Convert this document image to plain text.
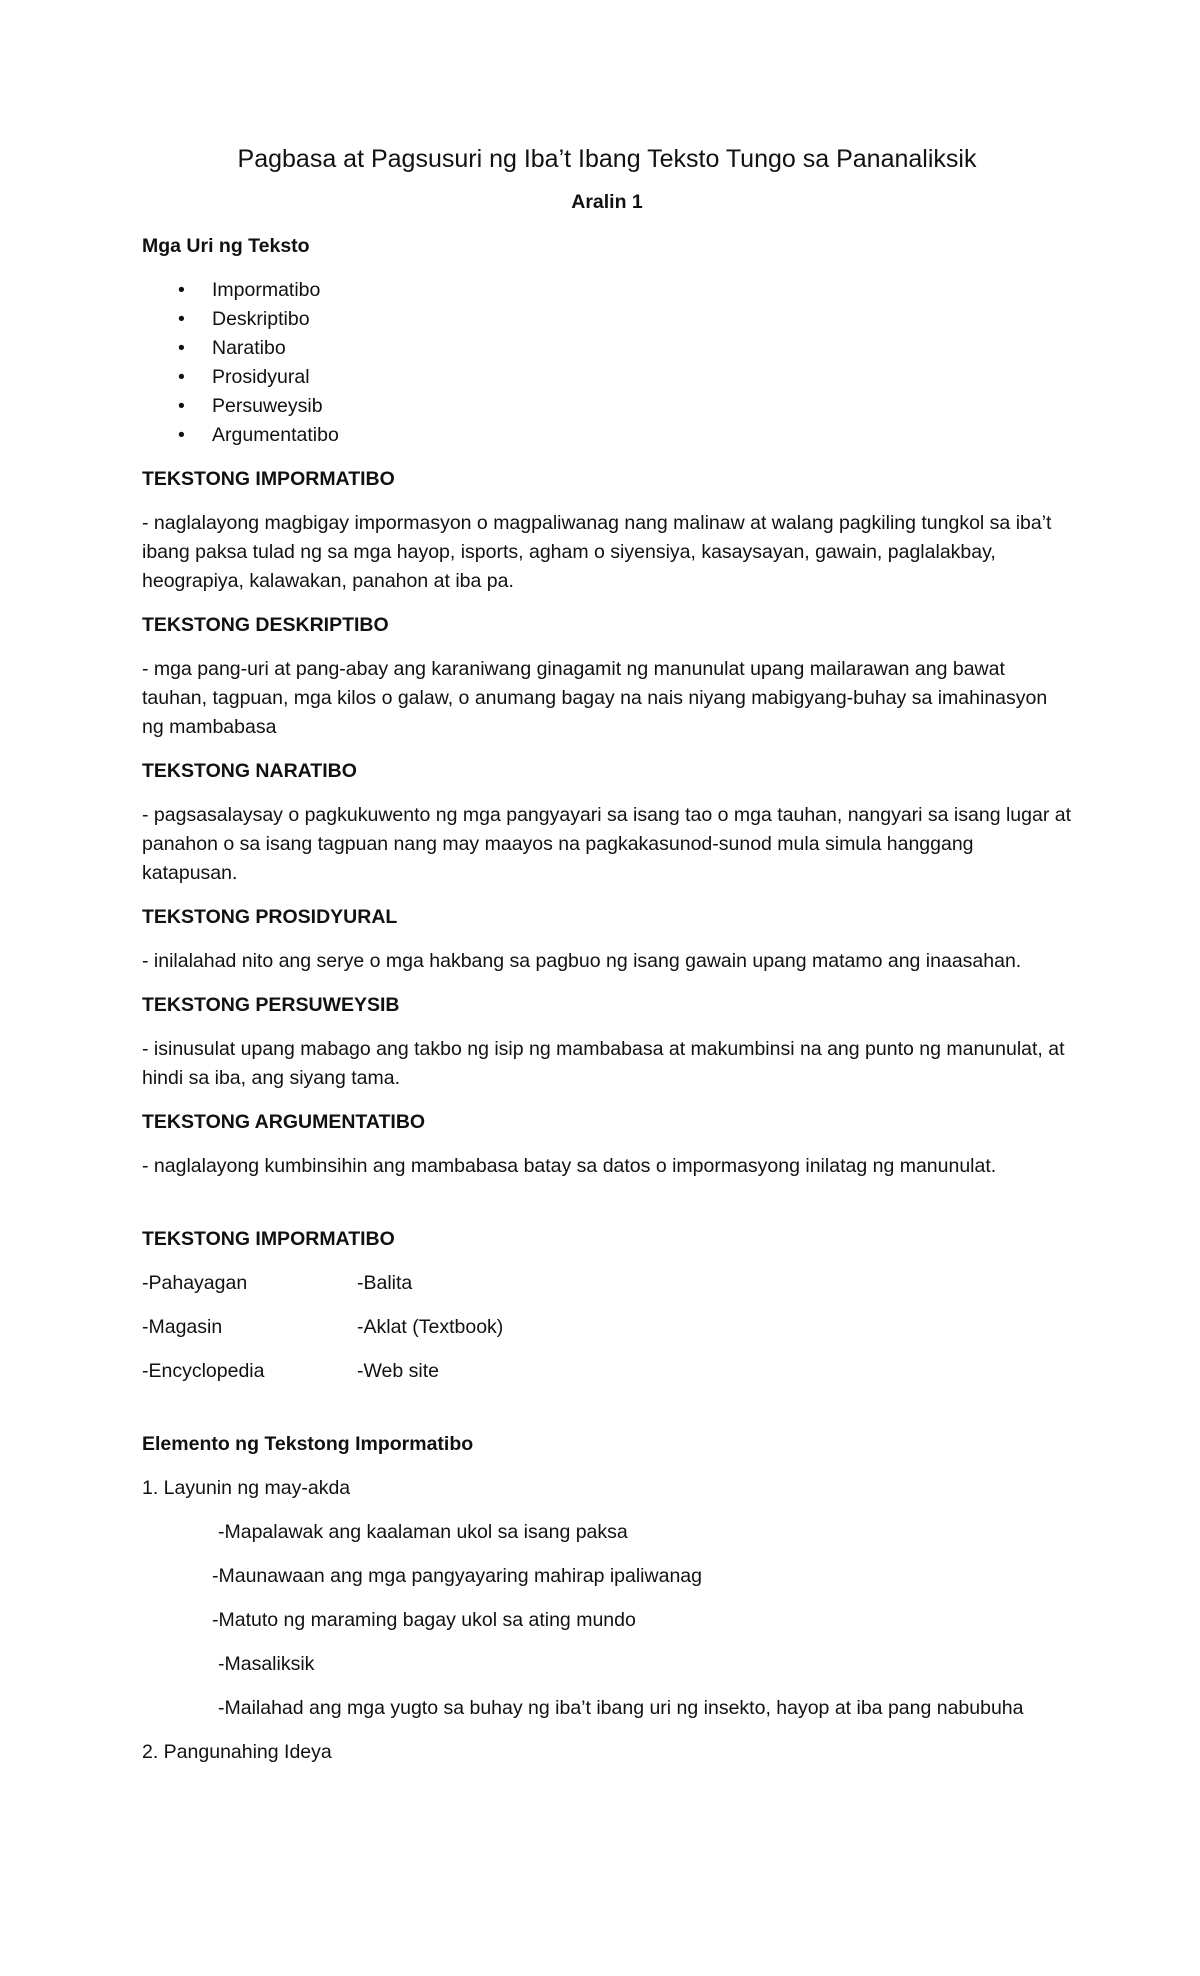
Pagbasa at Pagsusuri ng Iba’t Ibang Teksto Tungo sa Pananaliksik
Aralin 1
Mga Uri ng Teksto
• Impormatibo
• Deskriptibo
• Naratibo
• Prosidyural
• Persuweysib
• Argumentatibo
TEKSTONG IMPORMATIBO
- naglalayong magbigay impormasyon o magpaliwanag nang malinaw at walang pagkiling tungkol sa iba’t ibang paksa tulad ng sa mga hayop, isports, agham o siyensiya, kasaysayan, gawain, paglalakbay, heograpiya, kalawakan, panahon at iba pa.
TEKSTONG DESKRIPTIBO
- mga pang-uri at pang-abay ang karaniwang ginagamit ng manunulat upang mailarawan ang bawat tauhan, tagpuan, mga kilos o galaw, o anumang bagay na nais niyang mabigyang-buhay sa imahinasyon ng mambabasa
TEKSTONG NARATIBO
- pagsasalaysay o pagkukuwento ng mga pangyayari sa isang tao o mga tauhan, nangyari sa isang lugar at panahon o sa isang tagpuan nang may maayos na pagkakasunod-sunod mula simula hanggang katapusan.
TEKSTONG PROSIDYURAL
- inilalahad nito ang serye o mga hakbang sa pagbuo ng isang gawain upang matamo ang inaasahan.
TEKSTONG PERSUWEYSIB
- isinusulat upang mabago ang takbo ng isip ng mambabasa at makumbinsi na ang punto ng manunulat, at hindi sa iba, ang siyang tama.
TEKSTONG ARGUMENTATIBO
- naglalayong kumbinsihin ang mambabasa batay sa datos o impormasyong inilatag ng manunulat.
TEKSTONG IMPORMATIBO
-Pahayagan	-Balita
-Magasin	-Aklat (Textbook)
-Encyclopedia	-Web site
Elemento ng Tekstong Impormatibo
1. Layunin ng may-akda
-Mapalawak ang kaalaman ukol sa isang paksa
-Maunawaan ang mga pangyayaring mahirap ipaliwanag
-Matuto ng maraming bagay ukol sa ating mundo
-Masaliksik
-Mailahad ang mga yugto sa buhay ng iba’t ibang uri ng insekto, hayop at iba pang nabubuha
2. Pangunahing Ideya
